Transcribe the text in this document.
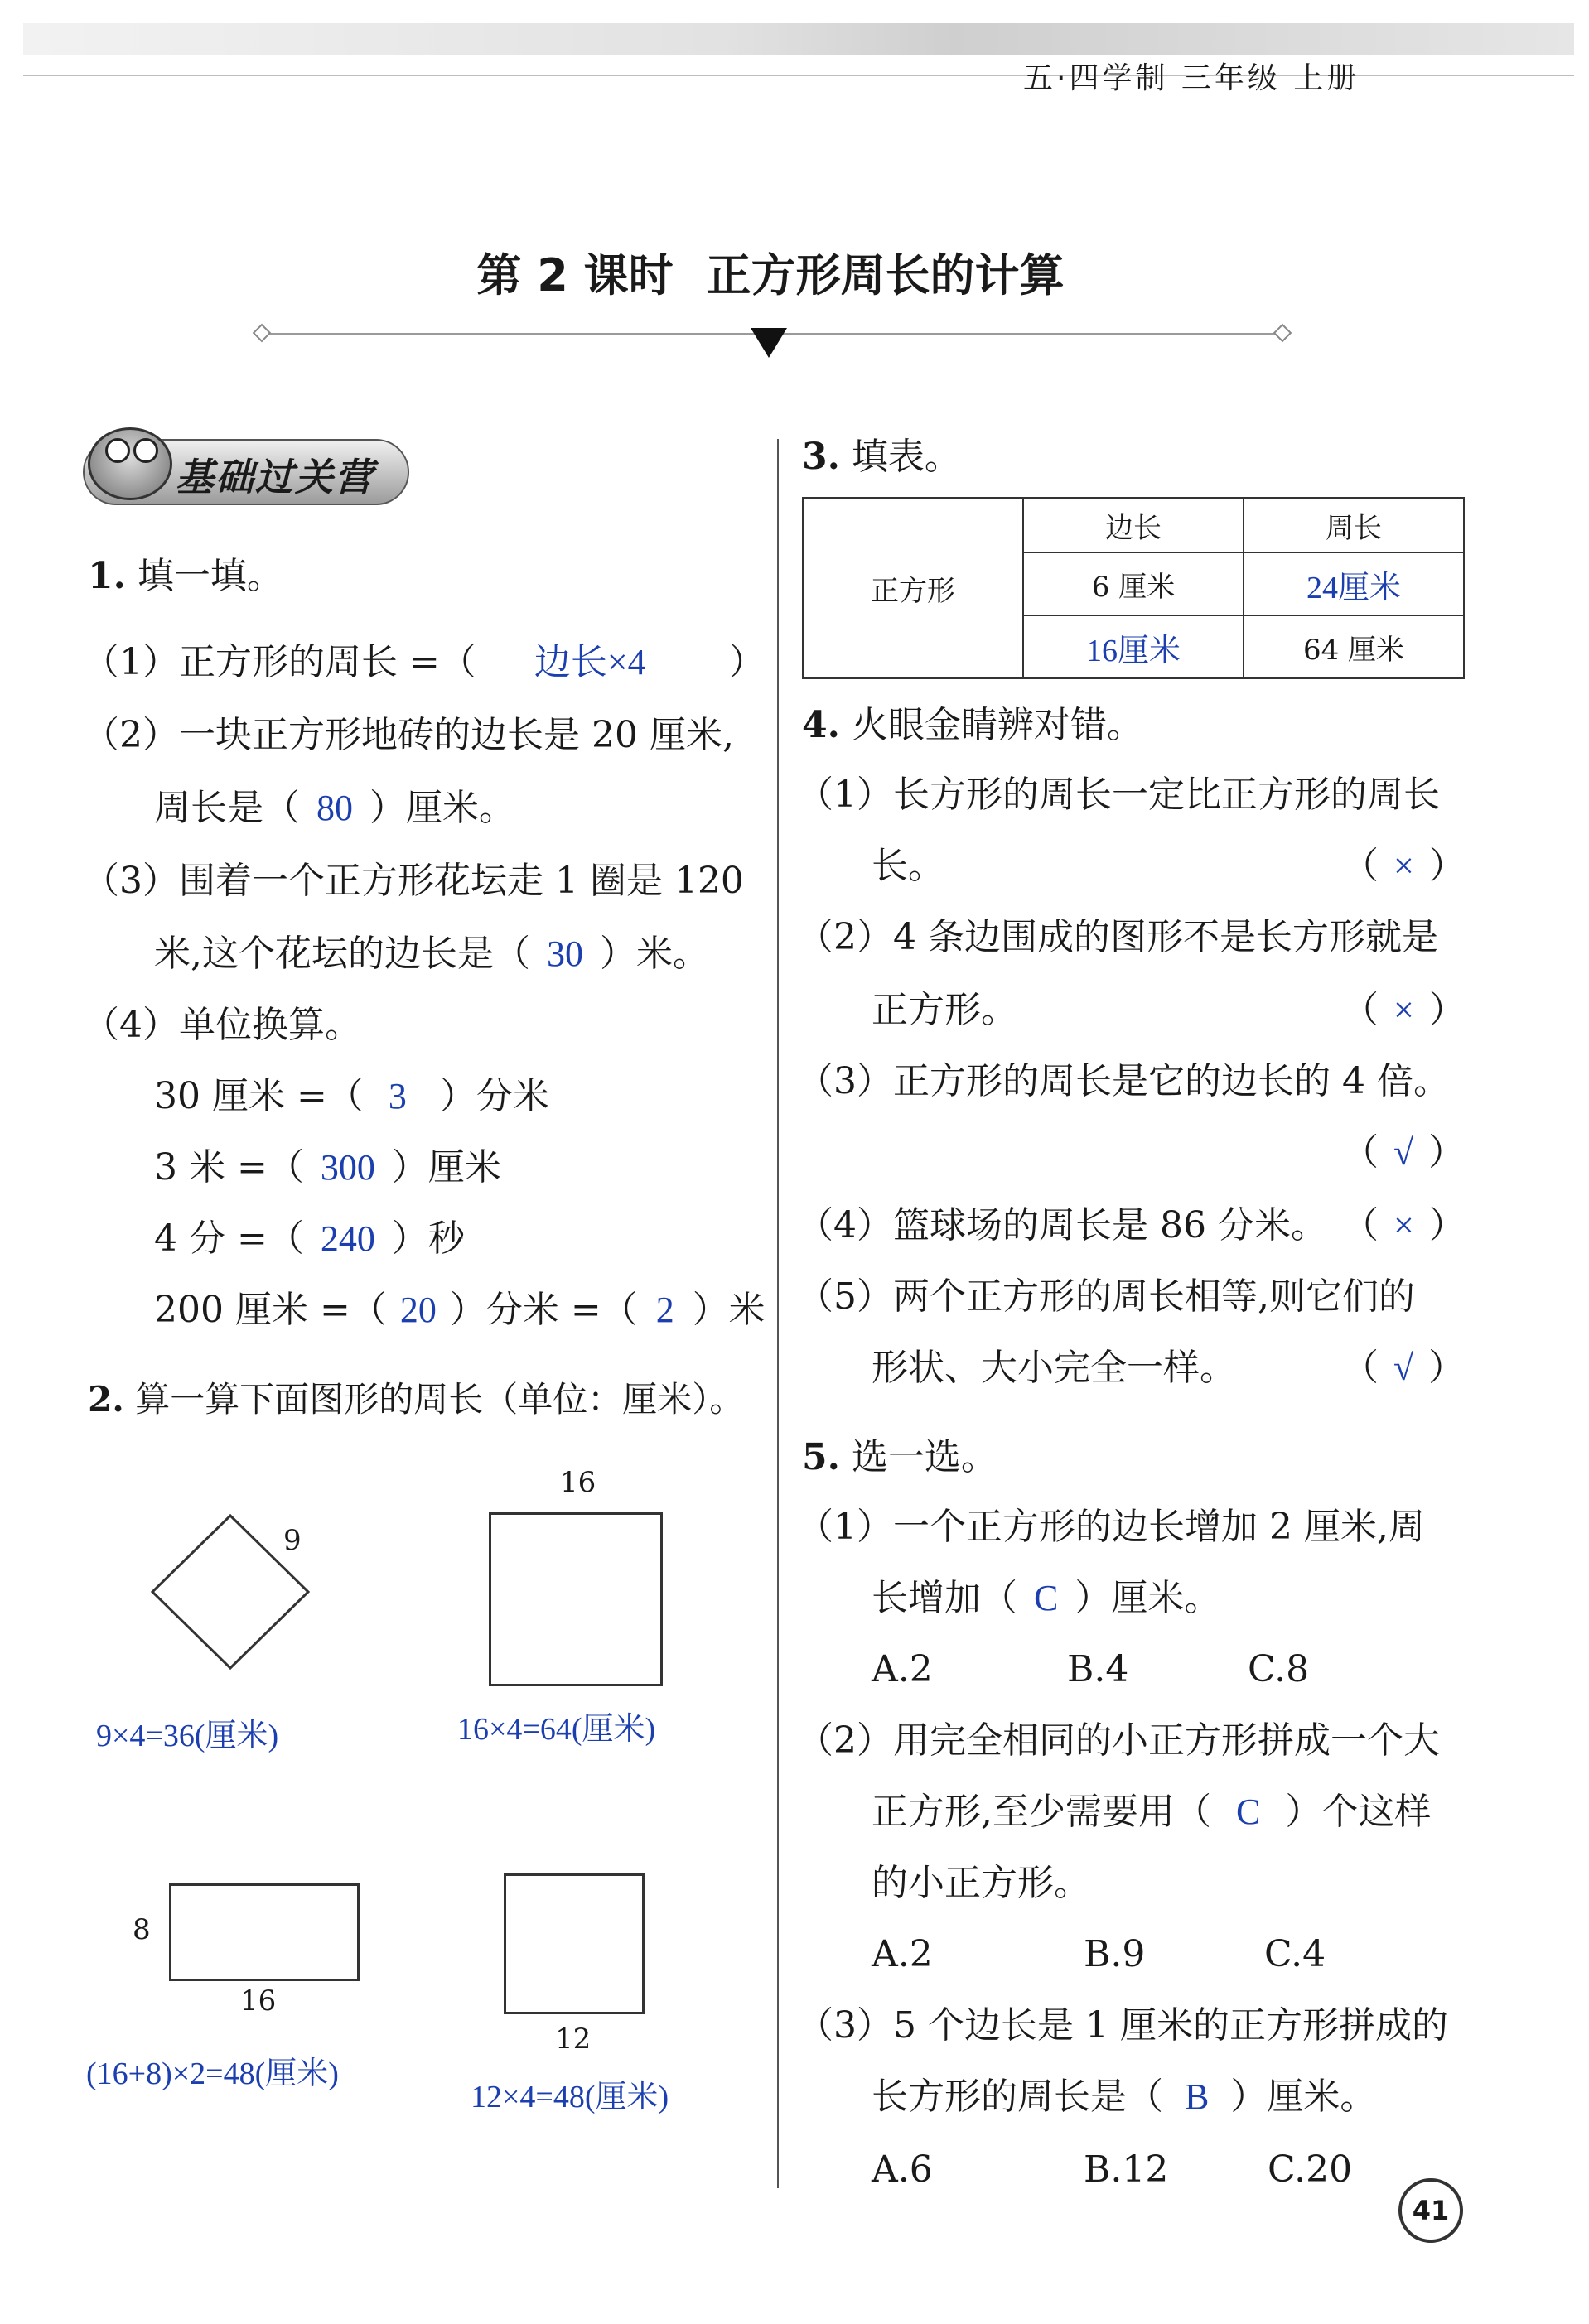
五·四学制 三年级 上册
第 2 课时 正方形周长的计算
基础过关营
1. 填一填。
（1）正方形的周长 =（ 边长×4 ）
（2）一块正方形地砖的边长是 20 厘米,
周长是（ 80 ）厘米。
（3）围着一个正方形花坛走 1 圈是 120
米,这个花坛的边长是（ 30 ）米。
（4）单位换算。
30 厘米 =（ 3 ）分米
3 米 =（ 300 ）厘米
4 分 =（ 240 ）秒
200 厘米 =（ 20 ）分米 =（ 2 ）米
2. 算一算下面图形的周长（单位：厘米）。
9
9×4=36(厘米)
16
16×4=64(厘米)
8
16
(16+8)×2=48(厘米)
12
12×4=48(厘米)
3. 填表。
正方形	边长	周长
	6 厘米	24厘米
	16厘米	64 厘米
4. 火眼金睛辨对错。
（1）长方形的周长一定比正方形的周长
长。	（ × ）
（2）4 条边围成的图形不是长方形就是
正方形。	（ × ）
（3）正方形的周长是它的边长的 4 倍。
（ √ ）
（4）篮球场的周长是 86 分米。 （ × ）
（5）两个正方形的周长相等,则它们的
形状、大小完全一样。	（ √ ）
5. 选一选。
（1）一个正方形的边长增加 2 厘米,周
长增加（ C ）厘米。
A.2	B.4	C.8
（2）用完全相同的小正方形拼成一个大
正方形,至少需要用（ C ）个这样
的小正方形。
A.2	B.9	C.4
（3）5 个边长是 1 厘米的正方形拼成的
长方形的周长是（ B ）厘米。
A.6	B.12	C.20
41
